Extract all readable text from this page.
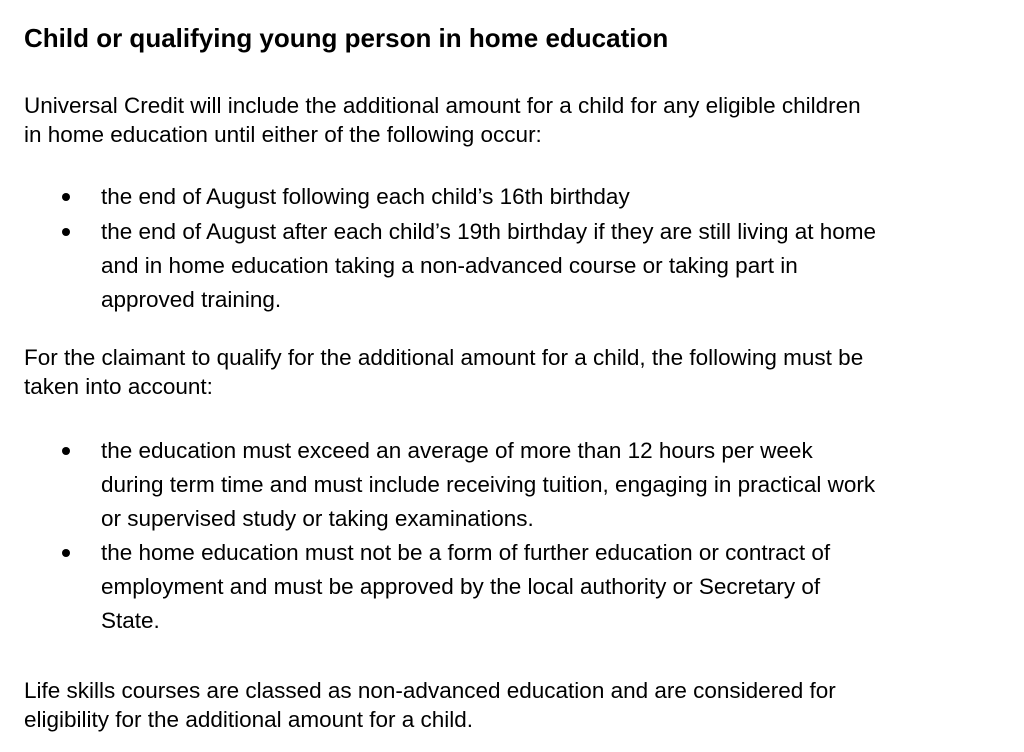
Child or qualifying young person in home education
Universal Credit will include the additional amount for a child for any eligible children
in home education until either of the following occur:
the end of August following each child’s 16th birthday
the end of August after each child’s 19th birthday if they are still living at home
and in home education taking a non-advanced course or taking part in
approved training.
For the claimant to qualify for the additional amount for a child, the following must be
taken into account:
the education must exceed an average of more than 12 hours per week
during term time and must include receiving tuition, engaging in practical work
or supervised study or taking examinations.
the home education must not be a form of further education or contract of
employment and must be approved by the local authority or Secretary of
State.
Life skills courses are classed as non-advanced education and are considered for
eligibility for the additional amount for a child.
